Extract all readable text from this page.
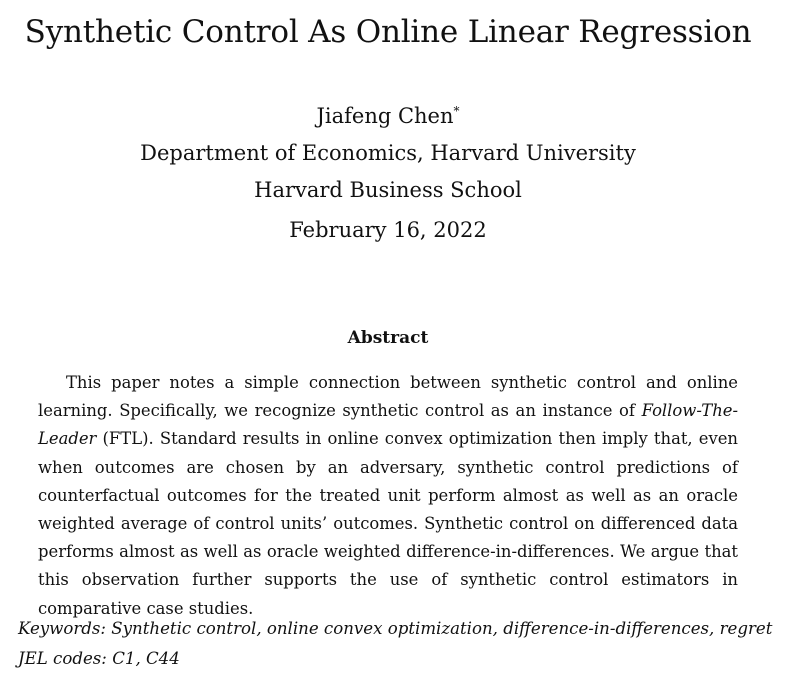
Synthetic Control As Online Linear Regression
Jiafeng Chen*
Department of Economics, Harvard University
Harvard Business School
February 16, 2022
Abstract
This paper notes a simple connection between synthetic control and online learning. Specifically, we recognize synthetic control as an instance of Follow-The-Leader (FTL). Standard results in online convex optimization then imply that, even when outcomes are chosen by an adversary, synthetic control predictions of counterfactual outcomes for the treated unit perform almost as well as an oracle weighted average of control units’ outcomes. Synthetic control on differenced data performs almost as well as oracle weighted difference-in-differences. We argue that this observation further supports the use of synthetic control estimators in comparative case studies.
Keywords: Synthetic control, online convex optimization, difference-in-differences, regret
JEL codes: C1, C44
